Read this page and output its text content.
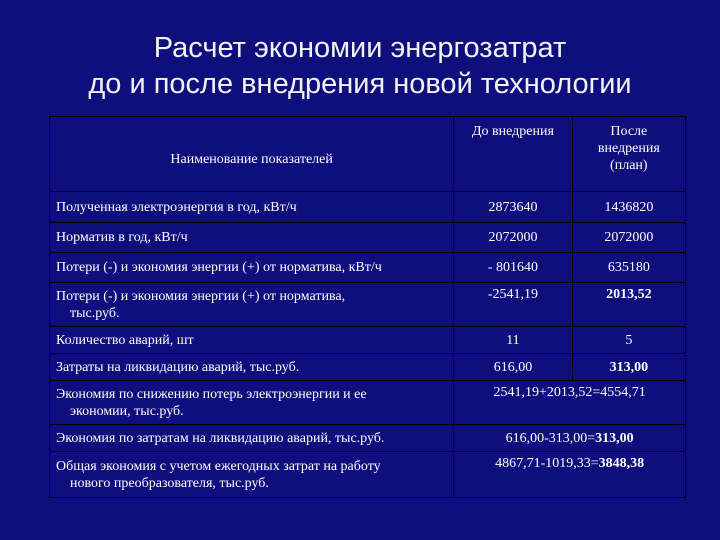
Расчет экономии энергозатрат
до и после внедрения новой технологии
Наименование показателей	До внедрения	После
внедрения
(план)
Полученная электроэнергия в год, кВт/ч	2873640	1436820
Норматив в год, кВт/ч	2072000	2072000
Потери (-) и экономия энергии (+) от норматива, кВт/ч	- 801640	635180
Потери (-) и экономия энергии (+) от норматива,
тыс.руб.	-2541,19	2013,52
Количество аварий, шт	11	5
Затраты на ликвидацию аварий, тыс.руб.	616,00	313,00
Экономия по снижению потерь электроэнергии и ее
экономии, тыс.руб.	2541,19+2013,52=4554,71	
Экономия по затратам на ликвидацию аварий, тыс.руб.	616,00-313,00=313,00	
Общая экономия с учетом ежегодных затрат на работу
нового преобразователя, тыс.руб.	4867,71-1019,33=3848,38	
